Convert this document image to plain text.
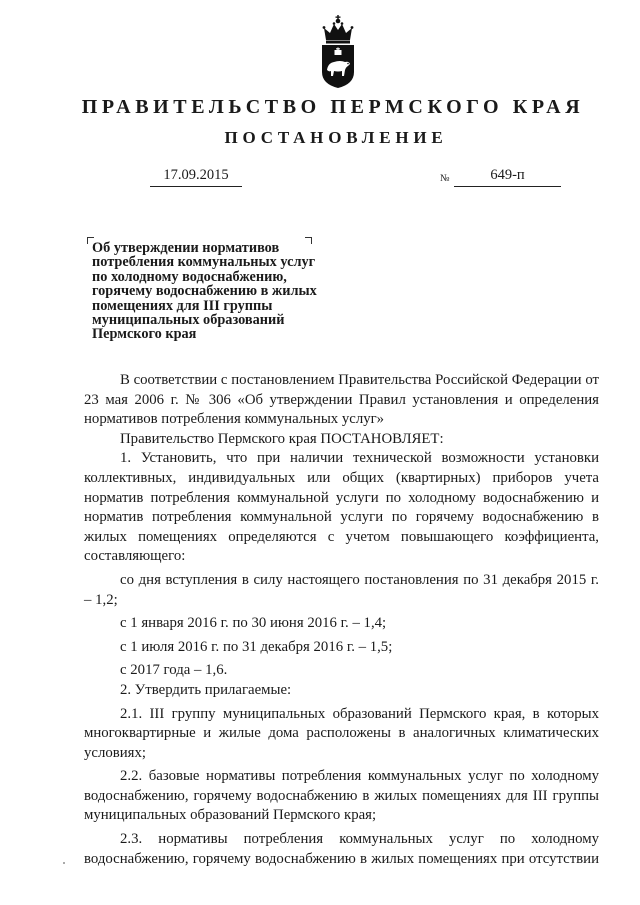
ПРАВИТЕЛЬСТВО ПЕРМСКОГО КРАЯ
ПОСТАНОВЛЕНИЕ
17.09.2015	№	649-п
Об утверждении нормативов
потребления коммунальных услуг
по холодному водоснабжению,
горячему водоснабжению в жилых
помещениях для III группы
муниципальных образований
Пермского края

В соответствии с постановлением Правительства Российской Федерации от 23 мая 2006 г. № 306 «Об утверждении Правил установления и определения нормативов потребления коммунальных услуг»

Правительство Пермского края ПОСТАНОВЛЯЕТ:

1. Установить, что при наличии технической возможности установки коллективных, индивидуальных или общих (квартирных) приборов учета норматив потребления коммунальной услуги по холодному водоснабжению и норматив потребления коммунальной услуги по горячему водоснабжению в жилых помещениях определяются с учетом повышающего коэффициента, составляющего:

со дня вступления в силу настоящего постановления по 31 декабря 2015 г. – 1,2;

с 1 января 2016 г. по 30 июня 2016 г. – 1,4;

с 1 июля 2016 г. по 31 декабря 2016 г. – 1,5;

с 2017 года – 1,6.

2. Утвердить прилагаемые:

2.1. III группу муниципальных образований Пермского края, в которых многоквартирные и жилые дома расположены в аналогичных климатических условиях;

2.2. базовые нормативы потребления коммунальных услуг по холодному водоснабжению, горячему водоснабжению в жилых помещениях для III группы муниципальных образований Пермского края;

2.3. нормативы потребления коммунальных услуг по холодному водоснабжению, горячему водоснабжению в жилых помещениях при отсутствии
